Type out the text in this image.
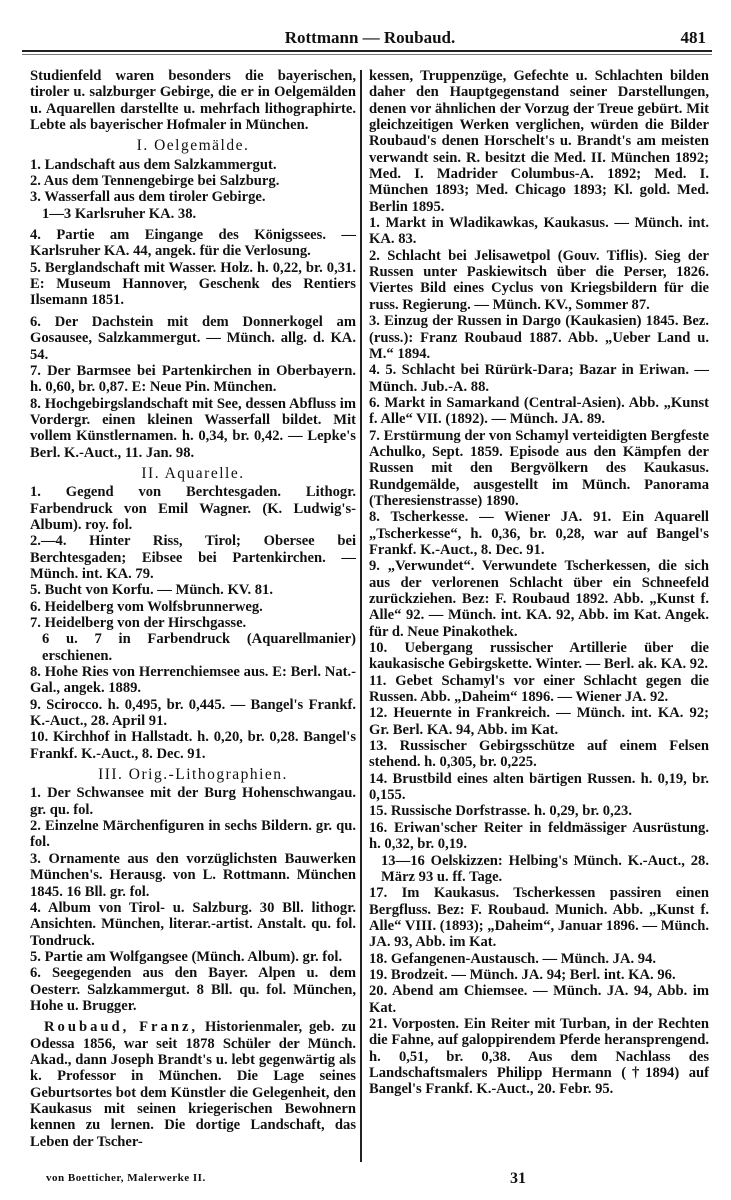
Rottmann — Roubaud.	481

Studienfeld waren besonders die bayerischen, tiroler u. salzburger Gebirge, die er in Oelgemälden u. Aquarellen darstellte u. mehrfach lithographirte. Lebte als bayerischer Hofmaler in München.

I. Oelgemälde.

1. Landschaft aus dem Salzkammergut.

2. Aus dem Tennengebirge bei Salzburg.

3. Wasserfall aus dem tiroler Gebirge.

1—3 Karlsruher KA. 38.

4. Partie am Eingange des Königssees. — Karlsruher KA. 44, angek. für die Verlosung.

5. Berglandschaft mit Wasser. Holz. h. 0,22, br. 0,31. E: Museum Hannover, Geschenk des Rentiers Ilsemann 1851.

6. Der Dachstein mit dem Donnerkogel am Gosausee, Salzkammergut. — Münch. allg. d. KA. 54.

7. Der Barmsee bei Partenkirchen in Oberbayern. h. 0,60, br. 0,87. E: Neue Pin. München.

8. Hochgebirgslandschaft mit See, dessen Abfluss im Vordergr. einen kleinen Wasserfall bildet. Mit vollem Künstlernamen. h. 0,34, br. 0,42. — Lepke's Berl. K.-Auct., 11. Jan. 98.

II. Aquarelle.

1. Gegend von Berchtesgaden. Lithogr. Farbendruck von Emil Wagner. (K. Ludwig's-Album). roy. fol.

2.—4. Hinter Riss, Tirol; Obersee bei Berchtesgaden; Eibsee bei Partenkirchen. — Münch. int. KA. 79.

5. Bucht von Korfu. — Münch. KV. 81.

6. Heidelberg vom Wolfsbrunnerweg.

7. Heidelberg von der Hirschgasse.

6 u. 7 in Farbendruck (Aquarellmanier) erschienen.

8. Hohe Ries von Herrenchiemsee aus. E: Berl. Nat.-Gal., angek. 1889.

9. Scirocco. h. 0,495, br. 0,445. — Bangel's Frankf. K.-Auct., 28. April 91.

10. Kirchhof in Hallstadt. h. 0,20, br. 0,28. Bangel's Frankf. K.-Auct., 8. Dec. 91.

III. Orig.-Lithographien.

1. Der Schwansee mit der Burg Hohenschwangau. gr. qu. fol.

2. Einzelne Märchenfiguren in sechs Bildern. gr. qu. fol.

3. Ornamente aus den vorzüglichsten Bauwerken München's. Herausg. von L. Rottmann. München 1845. 16 Bll. gr. fol.

4. Album von Tirol- u. Salzburg. 30 Bll. lithogr. Ansichten. München, literar.-artist. Anstalt. qu. fol. Tondruck.

5. Partie am Wolfgangsee (Münch. Album). gr. fol.

6. Seegegenden aus den Bayer. Alpen u. dem Oesterr. Salzkammergut. 8 Bll. qu. fol. München, Hohe u. Brugger.

Roubaud, Franz, Historienmaler, geb. zu Odessa 1856, war seit 1878 Schüler der Münch. Akad., dann Joseph Brandt's u. lebt gegenwärtig als k. Professor in München. Die Lage seines Geburtsortes bot dem Künstler die Gelegenheit, den Kaukasus mit seinen kriegerischen Bewohnern kennen zu lernen. Die dortige Landschaft, das Leben der Tscher-

kessen, Truppenzüge, Gefechte u. Schlachten bilden daher den Hauptgegenstand seiner Darstellungen, denen vor ähnlichen der Vorzug der Treue gebürt. Mit gleichzeitigen Werken verglichen, würden die Bilder Roubaud's denen Horschelt's u. Brandt's am meisten verwandt sein. R. besitzt die Med. II. München 1892; Med. I. Madrider Columbus-A. 1892; Med. I. München 1893; Med. Chicago 1893; Kl. gold. Med. Berlin 1895.

1. Markt in Wladikawkas, Kaukasus. — Münch. int. KA. 83.

2. Schlacht bei Jelisawetpol (Gouv. Tiflis). Sieg der Russen unter Paskiewitsch über die Perser, 1826. Viertes Bild eines Cyclus von Kriegsbildern für die russ. Regierung. — Münch. KV., Sommer 87.

3. Einzug der Russen in Dargo (Kaukasien) 1845. Bez. (russ.): Franz Roubaud 1887. Abb. „Ueber Land u. M.“ 1894.

4. 5. Schlacht bei Rürürk-Dara; Bazar in Eriwan. — Münch. Jub.-A. 88.

6. Markt in Samarkand (Central-Asien). Abb. „Kunst f. Alle“ VII. (1892). — Münch. JA. 89.

7. Erstürmung der von Schamyl verteidigten Bergfeste Achulko, Sept. 1859. Episode aus den Kämpfen der Russen mit den Bergvölkern des Kaukasus. Rundgemälde, ausgestellt im Münch. Panorama (Theresienstrasse) 1890.

8. Tscherkesse. — Wiener JA. 91. Ein Aquarell „Tscherkesse“, h. 0,36, br. 0,28, war auf Bangel's Frankf. K.-Auct., 8. Dec. 91.

9. „Verwundet“. Verwundete Tscherkessen, die sich aus der verlorenen Schlacht über ein Schneefeld zurückziehen. Bez: F. Roubaud 1892. Abb. „Kunst f. Alle“ 92. — Münch. int. KA. 92, Abb. im Kat. Angek. für d. Neue Pinakothek.

10. Uebergang russischer Artillerie über die kaukasische Gebirgskette. Winter. — Berl. ak. KA. 92.

11. Gebet Schamyl's vor einer Schlacht gegen die Russen. Abb. „Daheim“ 1896. — Wiener JA. 92.

12. Heuernte in Frankreich. — Münch. int. KA. 92; Gr. Berl. KA. 94, Abb. im Kat.

13. Russischer Gebirgsschütze auf einem Felsen stehend. h. 0,305, br. 0,225.

14. Brustbild eines alten bärtigen Russen. h. 0,19, br. 0,155.

15. Russische Dorfstrasse. h. 0,29, br. 0,23.

16. Eriwan'scher Reiter in feldmässiger Ausrüstung. h. 0,32, br. 0,19.

13—16 Oelskizzen: Helbing's Münch. K.-Auct., 28. März 93 u. ff. Tage.

17. Im Kaukasus. Tscherkessen passiren einen Bergfluss. Bez: F. Roubaud. Munich. Abb. „Kunst f. Alle“ VIII. (1893); „Daheim“, Januar 1896. — Münch. JA. 93, Abb. im Kat.

18. Gefangenen-Austausch. — Münch. JA. 94.

19. Brodzeit. — Münch. JA. 94; Berl. int. KA. 96.

20. Abend am Chiemsee. — Münch. JA. 94, Abb. im Kat.

21. Vorposten. Ein Reiter mit Turban, in der Rechten die Fahne, auf galoppirendem Pferde heransprengend. h. 0,51, br. 0,38. Aus dem Nachlass des Landschaftsmalers Philipp Hermann (†1894) auf Bangel's Frankf. K.-Auct., 20. Febr. 95.

von Boetticher, Malerwerke II.	31
